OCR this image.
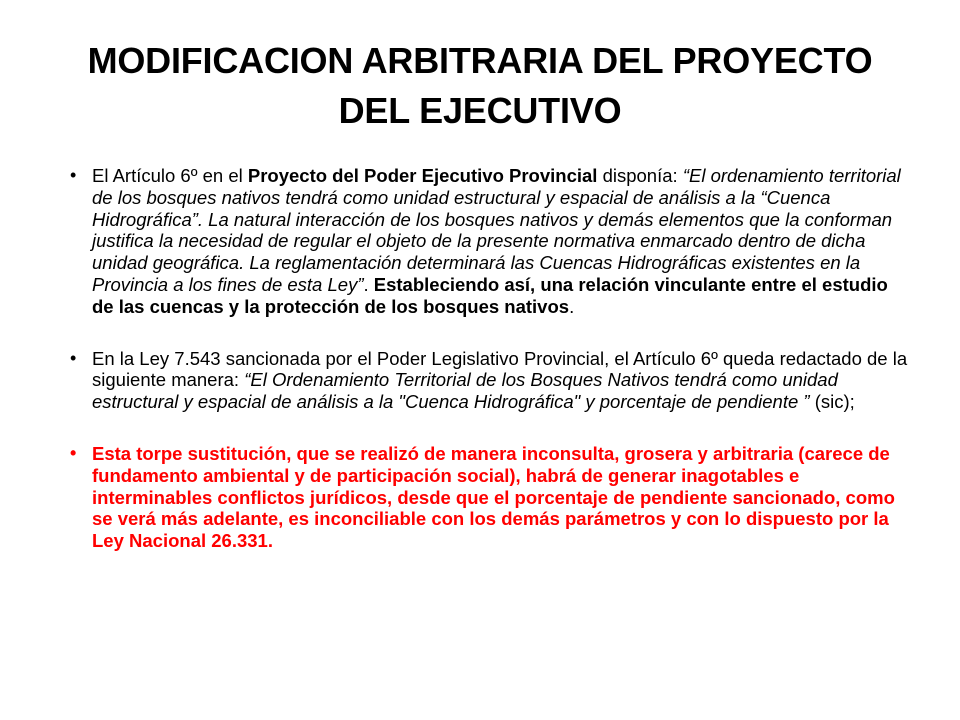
MODIFICACION ARBITRARIA DEL PROYECTO DEL EJECUTIVO
• El Artículo 6º en el Proyecto del Poder Ejecutivo Provincial disponía: “El ordenamiento territorial de los bosques nativos tendrá como unidad estructural y espacial de análisis a la “Cuenca Hidrográfica”. La natural interacción de los bosques nativos y demás elementos que la conforman justifica la necesidad de regular el objeto de la presente normativa enmarcado dentro de dicha unidad geográfica. La reglamentación determinará las Cuencas Hidrográficas existentes en la Provincia a los fines de esta Ley”. Estableciendo así, una relación vinculante entre el estudio de las cuencas y la protección de los bosques nativos.
• En la Ley 7.543 sancionada por el Poder Legislativo Provincial, el Artículo 6º queda redactado de la siguiente manera: “El Ordenamiento Territorial de los Bosques Nativos tendrá como unidad estructural y espacial de análisis a la "Cuenca Hidrográfica" y porcentaje de pendiente ” (sic);
• Esta torpe sustitución, que se realizó de manera inconsulta, grosera y arbitraria (carece de fundamento ambiental y de participación social), habrá de generar inagotables e interminables conflictos jurídicos, desde que el porcentaje de pendiente sancionado, como se verá más adelante, es inconciliable con los demás parámetros y con lo dispuesto por la Ley Nacional 26.331.
